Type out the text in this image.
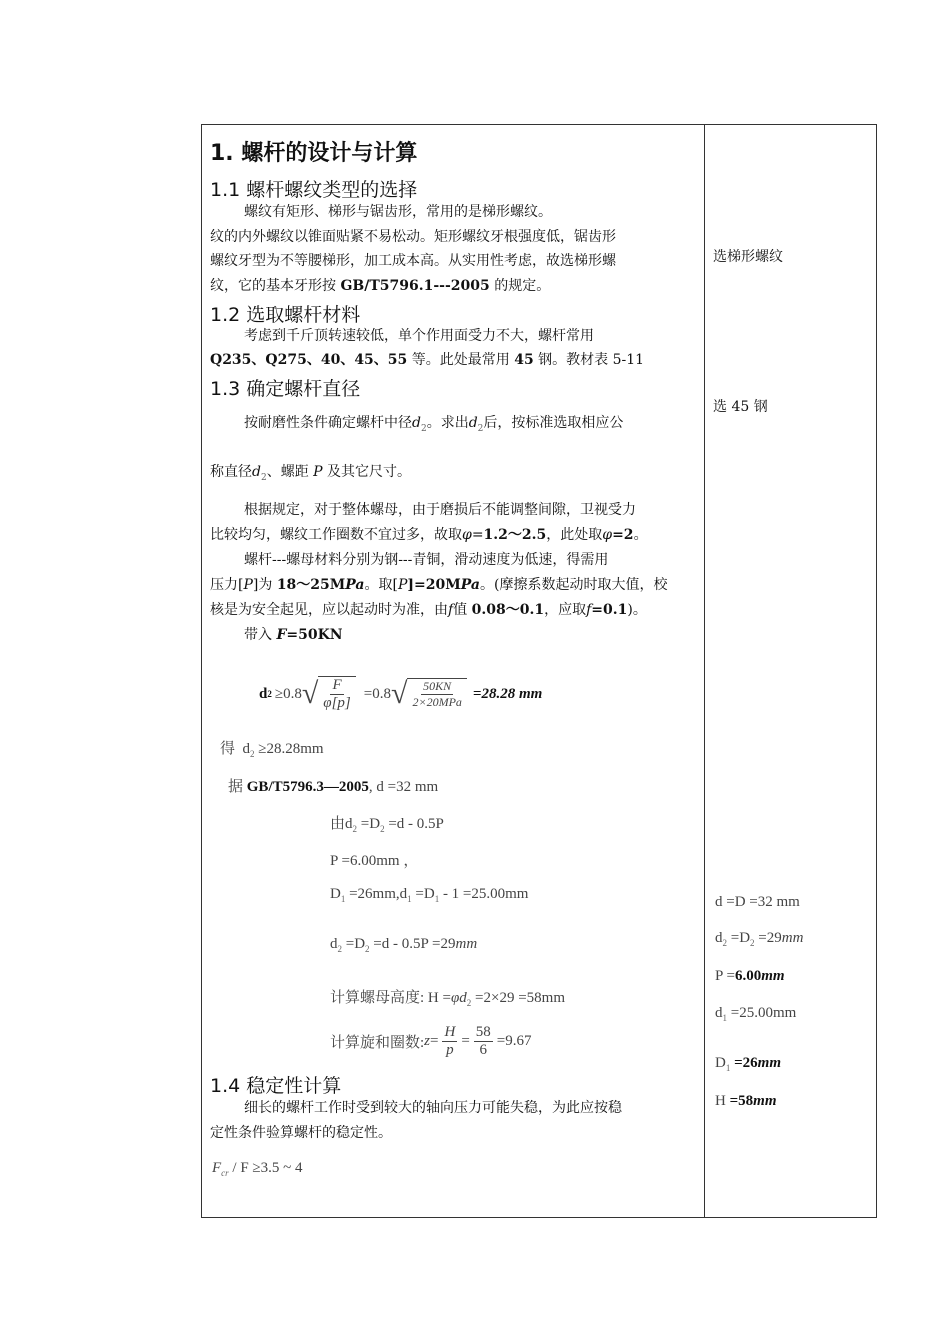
1. 螺杆的设计与计算
1.1 螺杆螺纹类型的选择
螺纹有矩形、梯形与锯齿形，常用的是梯形螺纹。
纹的内外螺纹以锥面贴紧不易松动。矩形螺纹牙根强度低，锯齿形
螺纹牙型为不等腰梯形，加工成本高。从实用性考虑，故选梯形螺
纹，它的基本牙形按 GB/T5796.1---2005 的规定。
1.2 选取螺杆材料
考虑到千斤顶转速较低，单个作用面受力不大，螺杆常用
Q235、Q275、40、45、55 等。此处最常用 45 钢。教材表 5-11
1.3 确定螺杆直径
按耐磨性条件确定螺杆中径$d_2$。求出$d_2$后，按标准选取相应公
称直径$d_2$、螺距 P 及其它尺寸。
根据规定，对于整体螺母，由于磨损后不能调整间隙，卫视受力
比较均匀，螺纹工作圈数不宜过多，故取φ=1.2～2.5，此处取φ=2。
螺杆---螺母材料分别为钢---青铜，滑动速度为低速，得需用
压力[P]为 18～25MPa。取[P]=20MPa。(摩擦系数起动时取大值，校
核是为安全起见，应以起动时为准，由f值 0.08～0.1，应取f=0.1)。
带入 F=50KN
d 2 ≥0.8 √ $\frac{F}{\varphi[p]} =0.8$ √ $\frac{50KN}{\text{2×20MPa}} =28.28$ mm
得 $d_2 \ge 28.28mm$
据 GB/T5796.3—2005, d =32 mm
由$d_2 =D_2 =d - 0.5P$
P =6.00mm ，
$D_1 =26mm,d_1 =D_1 - 1 =25.00mm$
$d_2 =D_2 =d - 0.5P =29mm$
计算螺母高度: $H =\varphi d_2 =2\times 29 =58mm$
计算旋和圈数: $z = \frac{H}{p} = \frac{58}{6} =9.67$
1.4 稳定性计算
细长的螺杆工作时受到较大的轴向压力可能失稳，为此应按稳
定性条件验算螺杆的稳定性。
$F_{cr} / F \ge 3.5$ ~ 4
选梯形螺纹
选 45 钢
d =D =32 mm
$d_2 =D_2 =29mm$
P =6.00mm
$d_1 =25.00mm$
$D_1 =26mm$
H =58mm
